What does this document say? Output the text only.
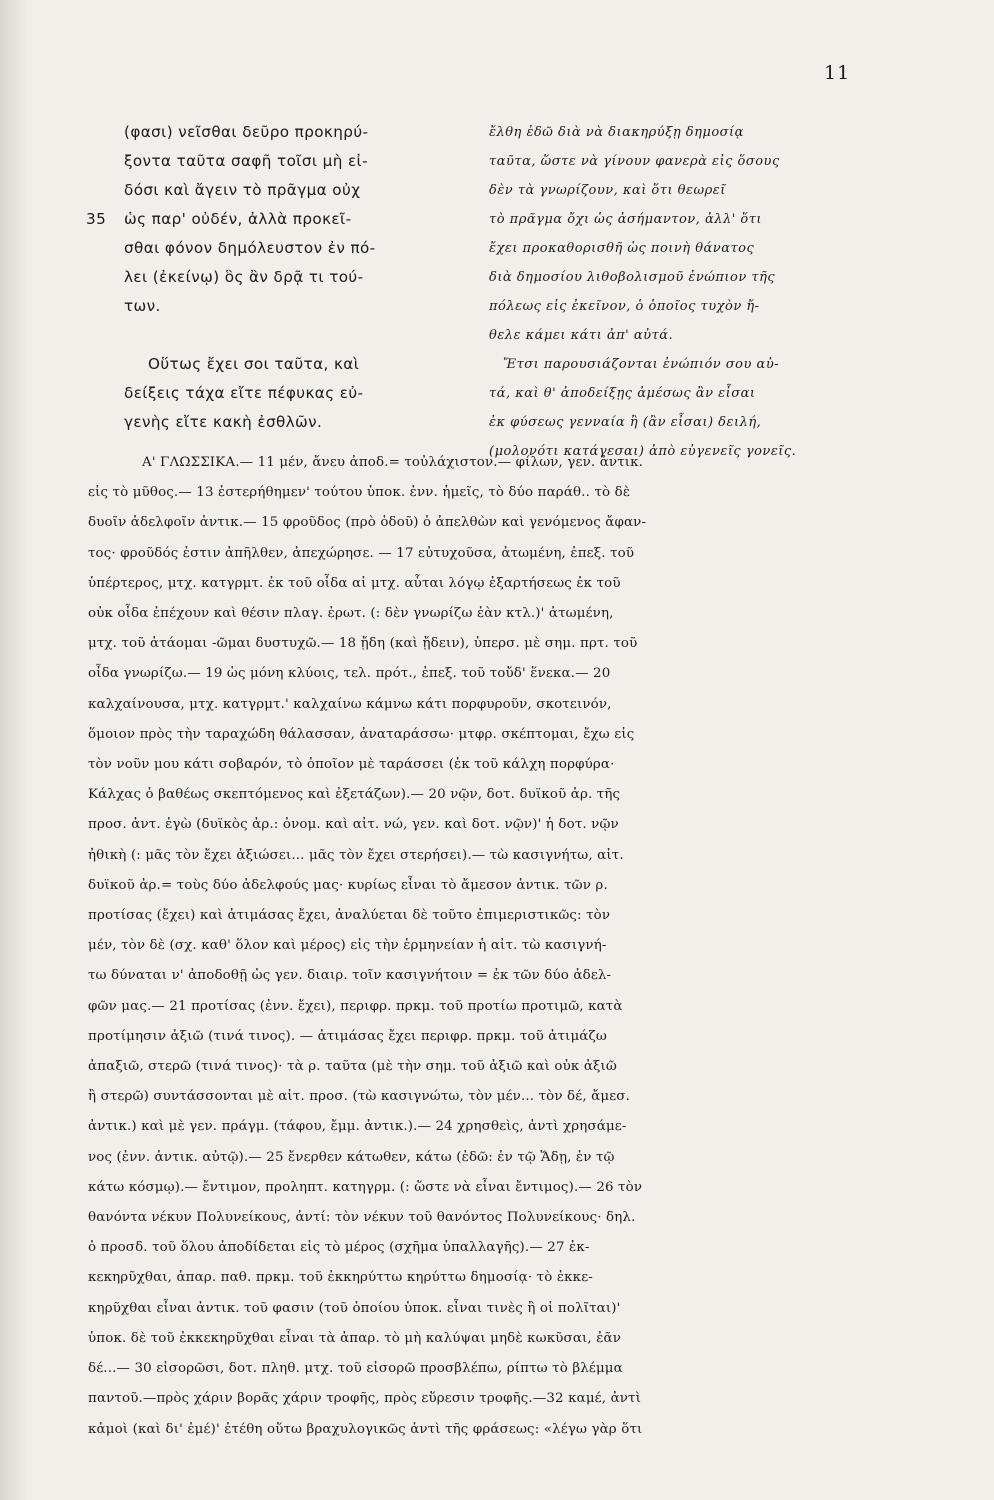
11
(φασι) νεῖσθαι δεῦρο προκηρύ-
ξοντα ταῦτα σαφῆ τοῖσι μὴ εἰ-
δόσι καὶ ἄγειν τὸ πρᾶγμα οὐχ
35 ὡς παρ' οὐδέν, ἀλλὰ προκεῖ-
σθαι φόνον δημόλευστον ἐν πό-
λει (ἐκείνῳ) ὃς ἂν δρᾷ τι τού-
των.
Οὕτως ἔχει σοι ταῦτα, καὶ
δείξεις τάχα εἴτε πέφυκας εὐ-
γενὴς εἴτε κακὴ ἐσθλῶν.
ἔλθη ἐδῶ διὰ νὰ διακηρύξῃ δημοσίᾳ
ταῦτα, ὥστε νὰ γίνουν φανερὰ εἰς ὅσους
δὲν τὰ γνωρίζουν, καὶ ὅτι θεωρεῖ
τὸ πρᾶγμα ὄχι ὡς ἀσήμαντον, ἀλλ' ὅτι
ἔχει προκαθορισθῆ ὡς ποινὴ θάνατος
διὰ δημοσίου λιθοβολισμοῦ ἐνώπιον τῆς
πόλεως εἰς ἐκεῖνον, ὁ ὁποῖος τυχὸν ἤ-
θελε κάμει κάτι ἀπ' αὐτά.
Ἔτσι παρουσιάζονται ἐνώπιόν σου αὐ-
τά, καὶ θ' ἀποδείξῃς ἀμέσως ἂν εἶσαι
ἐκ φύσεως γενναία ἢ (ἂν εἶσαι) δειλή,
(μολονότι κατάγεσαι) ἀπὸ εὐγενεῖς γονεῖς.
Α' ΓΛΩΣΣΙΚΑ.— 11 μέν, ἄνευ ἀποδ.= τοὐλάχιστον.— φίλων, γεν. ἀντικ.
εἰς τὸ μῦθος.— 13 ἐστερήθημεν' τούτου ὑποκ. ἐνν. ἡμεῖς, τὸ δύο παράθ.. τὸ δὲ
δυοῖν ἀδελφοῖν ἀντικ.— 15 φροῦδος (πρὸ ὁδοῦ) ὁ ἀπελθὼν καὶ γενόμενος ἄφαν-
τος· φροῦδός ἐστιν ἀπῆλθεν, ἀπεχώρησε. — 17 εὐτυχοῦσα, ἀτωμένη, ἐπεξ. τοῦ
ὑπέρτερος, μτχ. κατγρμτ. ἐκ τοῦ οἶδα αἱ μτχ. αὗται λόγῳ ἐξαρτήσεως ἐκ τοῦ
οὐκ οἶδα ἐπέχουν καὶ θέσιν πλαγ. ἐρωτ. (: δὲν γνωρίζω ἐὰν κτλ.)' ἀτωμένη,
μτχ. τοῦ ἀτάομαι -ῶμαι δυστυχῶ.— 18 ᾔδη (καὶ ᾔδειν), ὑπερσ. μὲ σημ. πρτ. τοῦ
οἶδα γνωρίζω.— 19 ὡς μόνη κλύοις, τελ. πρότ., ἐπεξ. τοῦ τοὔδ' ἕνεκα.— 20
καλχαίνουσα, μτχ. κατγρμτ.' καλχαίνω κάμνω κάτι πορφυροῦν, σκοτεινόν,
ὅμοιον πρὸς τὴν ταραχώδη θάλασσαν, ἀναταράσσω· μτφρ. σκέπτομαι, ἔχω εἰς
τὸν νοῦν μου κάτι σοβαρόν, τὸ ὁποῖον μὲ ταράσσει (ἐκ τοῦ κάλχη πορφύρα·
Κάλχας ὁ βαθέως σκεπτόμενος καὶ ἐξετάζων).— 20 νῷν, δοτ. δυϊκοῦ ἀρ. τῆς
προσ. ἀντ. ἐγὼ (δυϊκὸς ἀρ.: ὀνομ. καὶ αἰτ. νώ, γεν. καὶ δοτ. νῷν)' ἡ δοτ. νῷν
ἠθικὴ (: μᾶς τὸν ἔχει ἀξιώσει... μᾶς τὸν ἔχει στερήσει).— τὼ κασιγνήτω, αἰτ.
δυϊκοῦ ἀρ.= τοὺς δύο ἀδελφούς μας· κυρίως εἶναι τὸ ἄμεσον ἀντικ. τῶν ρ.
προτίσας (ἔχει) καὶ ἀτιμάσας ἔχει, ἀναλύεται δὲ τοῦτο ἐπιμεριστικῶς: τὸν
μέν, τὸν δὲ (σχ. καθ' ὅλον καὶ μέρος) εἰς τὴν ἑρμηνείαν ἡ αἰτ. τὼ κασιγνή-
τω δύναται ν' ἀποδοθῇ ὡς γεν. διαιρ. τοῖν κασιγνήτοιν = ἐκ τῶν δύο ἀδελ-
φῶν μας.— 21 προτίσας (ἐνν. ἔχει), περιφρ. πρκμ. τοῦ προτίω προτιμῶ, κατὰ
προτίμησιν ἀξιῶ (τινά τινος). — ἀτιμάσας ἔχει περιφρ. πρκμ. τοῦ ἀτιμάζω
ἀπαξιῶ, στερῶ (τινά τινος)· τὰ ρ. ταῦτα (μὲ τὴν σημ. τοῦ ἀξιῶ καὶ οὐκ ἀξιῶ
ἢ στερῶ) συντάσσονται μὲ αἰτ. προσ. (τὼ κασιγνώτω, τὸν μέν... τὸν δέ, ἄμεσ.
ἀντικ.) καὶ μὲ γεν. πράγμ. (τάφου, ἔμμ. ἀντικ.).— 24 χρησθεὶς, ἀντὶ χρησάμε-
νος (ἐνν. ἀντικ. αὐτῷ).— 25 ἔνερθεν κάτωθεν, κάτω (ἐδῶ: ἐν τῷ Ἅδῃ, ἐν τῷ
κάτω κόσμῳ).— ἔντιμον, προληπτ. κατηγρμ. (: ὥστε νὰ εἶναι ἔντιμος).— 26 τὸν
θανόντα νέκυν Πολυνείκους, ἀντί: τὸν νέκυν τοῦ θανόντος Πολυνείκους· δηλ.
ὁ προσδ. τοῦ ὅλου ἀποδίδεται εἰς τὸ μέρος (σχῆμα ὑπαλλαγῆς).— 27 ἐκ-
κεκηρῦχθαι, ἀπαρ. παθ. πρκμ. τοῦ ἐκκηρύττω κηρύττω δημοσίᾳ· τὸ ἐκκε-
κηρῦχθαι εἶναι ἀντικ. τοῦ φασιν (τοῦ ὁποίου ὑποκ. εἶναι τινὲς ἢ οἱ πολῖται)'
ὑποκ. δὲ τοῦ ἐκκεκηρῦχθαι εἶναι τὰ ἀπαρ. τὸ μὴ καλύψαι μηδὲ κωκῦσαι, ἐᾶν
δέ...— 30 εἰσορῶσι, δοτ. πληθ. μτχ. τοῦ εἰσορῶ προσβλέπω, ρίπτω τὸ βλέμμα
παντοῦ.—πρὸς χάριν βορᾶς χάριν τροφῆς, πρὸς εὕρεσιν τροφῆς.—32 καμέ, ἀντὶ
κἀμοὶ (καὶ δι' ἐμέ)' ἐτέθη οὕτω βραχυλογικῶς ἀντὶ τῆς φράσεως: «λέγω γὰρ ὅτι
